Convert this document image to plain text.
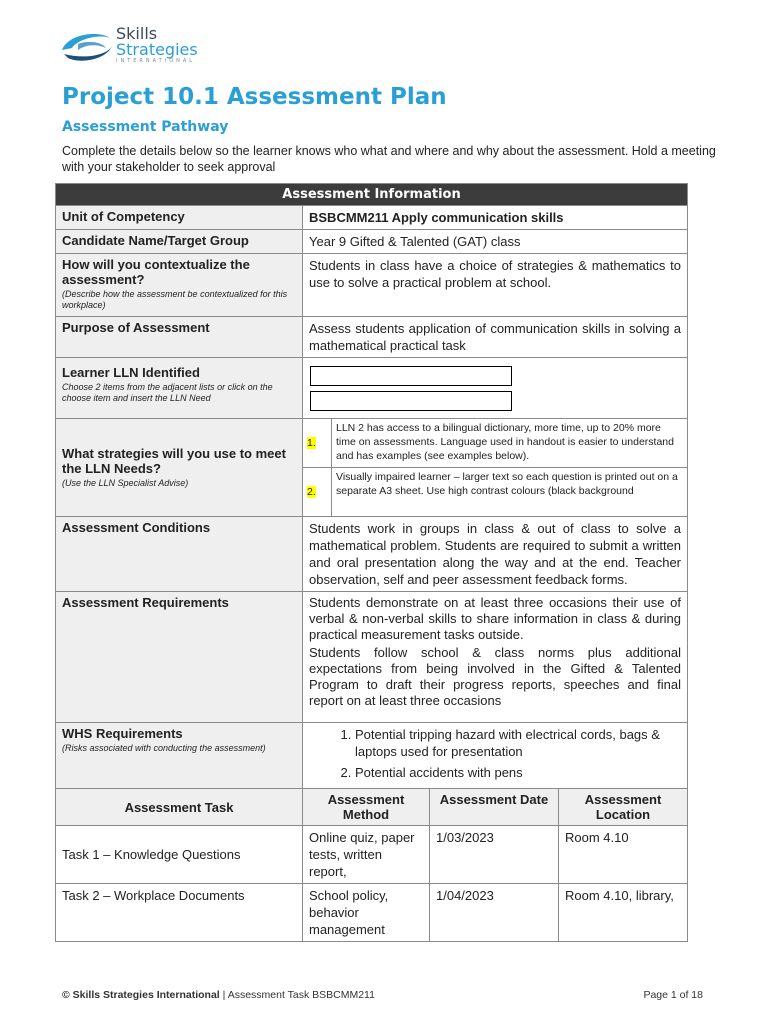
Skills
Strategies
INTERNATIONAL
Project 10.1 Assessment Plan
Assessment Pathway
Complete the details below so the learner knows who what and where and why about the assessment. Hold a meeting with your stakeholder to seek approval
Assessment Information
Unit of Competency	BSBCMM211 Apply communication skills
Candidate Name/Target Group	Year 9 Gifted & Talented (GAT) class
How will you contextualize the assessment?
(Describe how the assessment be contextualized for this workplace)
	Students in class have a choice of strategies & mathematics to use to solve a practical problem at school.
Purpose of Assessment	Assess students application of communication skills in solving a mathematical practical task
Learner LLN Identified
Choose 2 items from the adjacent lists or click on the choose item and insert the LLN Need

What strategies will you use to meet the LLN Needs?
(Use the LLN Specialist Advise)

1.	LLN 2 has access to a bilingual dictionary, more time, up to 20% more time on assessments. Language used in handout is easier to understand and has examples (see examples below).
2.	Visually impaired learner – larger text so each question is printed out on a separate A3 sheet. Use high contrast colours (black background

Assessment Conditions	Students work in groups in class & out of class to solve a mathematical problem. Students are required to submit a written and oral presentation along the way and at the end. Teacher observation, self and peer assessment feedback forms.
Assessment Requirements	Students demonstrate on at least three occasions their use of verbal & non-verbal skills to share information in class & during practical measurement tasks outside.
Students follow school & class norms plus additional expectations from being involved in the Gifted & Talented Program to draft their progress reports, speeches and final report on at least three occasions

WHS Requirements
(Risks associated with conducting the assessment)

1. Potential tripping hazard with electrical cords, bags & laptops used for presentation
2. Potential accidents with pens

Assessment Task	Assessment Method	Assessment Date	Assessment Location
Task 1 – Knowledge Questions	Online quiz, paper tests, written report,	1/03/2023	Room 4.10
Task 2 – Workplace Documents	School policy, behavior management	1/04/2023	Room 4.10, library,
© Skills Strategies International | Assessment Task BSBCMM211	Page 1 of 18
